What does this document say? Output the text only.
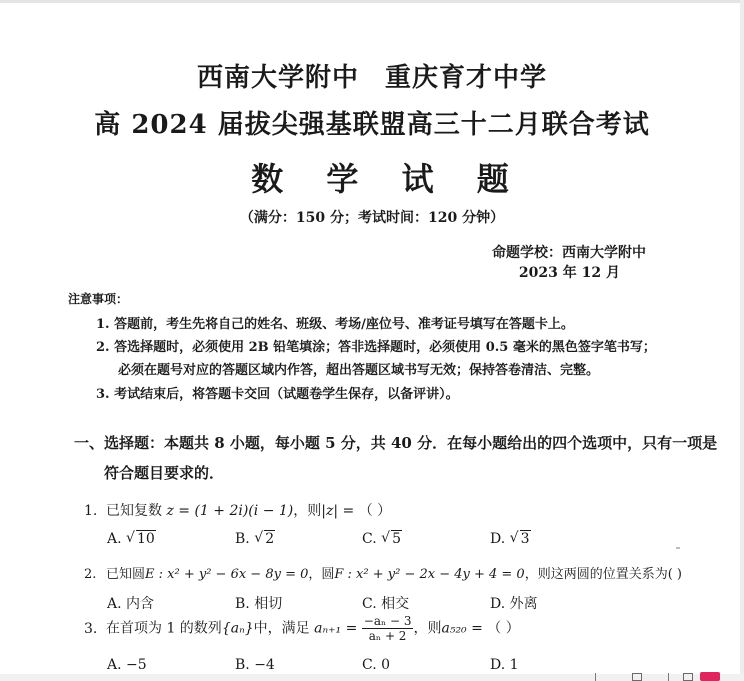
西南大学附中 重庆育才中学
高 2024 届拔尖强基联盟高三十二月联合考试
数 学 试 题
（满分：150 分；考试时间：120 分钟）
命题学校：西南大学附中
2023 年 12 月
注意事项：
1. 答题前，考生先将自己的姓名、班级、考场/座位号、准考证号填写在答题卡上。
2. 答选择题时，必须使用 2B 铅笔填涂；答非选择题时，必须使用 0.5 毫米的黑色签字笔书写；
必须在题号对应的答题区域内作答，超出答题区域书写无效；保持答卷清洁、完整。
3. 考试结束后，将答题卡交回（试题卷学生保存，以备评讲）。
一、选择题：本题共 8 小题，每小题 5 分，共 40 分．在每小题给出的四个选项中，只有一项是
符合题目要求的．
1. 已知复数 z = (1 + 2i)(i − 1)，则|z| = （ ）
A. √ 10	B. √ 2	C. √ 5	D. √ 3
2. 已知圆E : x² + y² − 6x − 8y = 0，圆F : x² + y² − 2x − 4y + 4 = 0，则这两圆的位置关系为( )
A. 内含	B. 相切	C. 相交	D. 外离
3. 在首项为 1 的数列{aₙ}中，满足 $a_{n+1} = \frac{\text{−aₙ − 3}}{\text{aₙ + 2}}$ ，则a₅₂₀ = （ ）
A. −5	B. −4	C. 0	D. 1
